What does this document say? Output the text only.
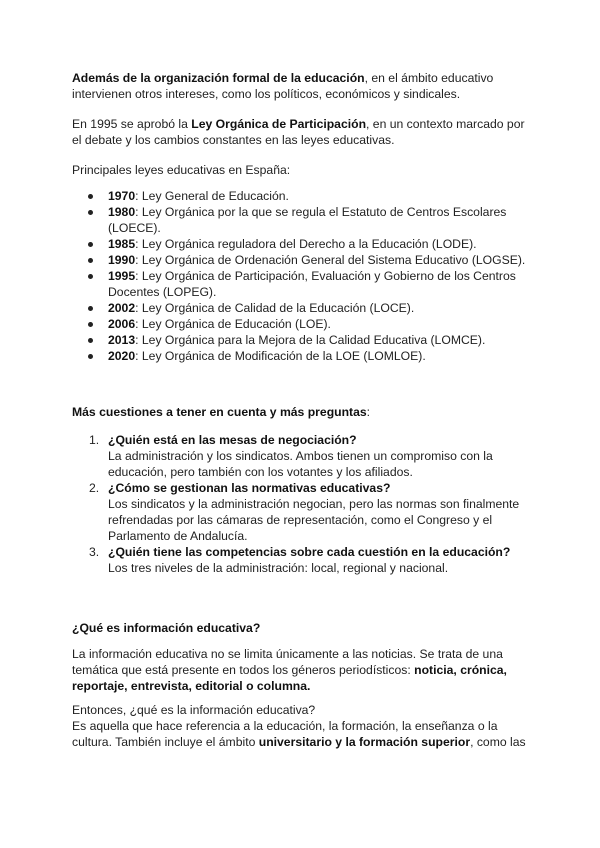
Además de la organización formal de la educación, en el ámbito educativo intervienen otros intereses, como los políticos, económicos y sindicales.

En 1995 se aprobó la Ley Orgánica de Participación, en un contexto marcado por el debate y los cambios constantes en las leyes educativas.

Principales leyes educativas en España:

1970: Ley General de Educación.
1980: Ley Orgánica por la que se regula el Estatuto de Centros Escolares (LOECE).
1985: Ley Orgánica reguladora del Derecho a la Educación (LODE).
1990: Ley Orgánica de Ordenación General del Sistema Educativo (LOGSE).
1995: Ley Orgánica de Participación, Evaluación y Gobierno de los Centros Docentes (LOPEG).
2002: Ley Orgánica de Calidad de la Educación (LOCE).
2006: Ley Orgánica de Educación (LOE).
2013: Ley Orgánica para la Mejora de la Calidad Educativa (LOMCE).
2020: Ley Orgánica de Modificación de la LOE (LOMLOE).

Más cuestiones a tener en cuenta y más preguntas:

1. ¿Quién está en las mesas de negociación?
La administración y los sindicatos. Ambos tienen un compromiso con la educación, pero también con los votantes y los afiliados.
2. ¿Cómo se gestionan las normativas educativas?
Los sindicatos y la administración negocian, pero las normas son finalmente refrendadas por las cámaras de representación, como el Congreso y el Parlamento de Andalucía.
3. ¿Quién tiene las competencias sobre cada cuestión en la educación?
Los tres niveles de la administración: local, regional y nacional.

¿Qué es información educativa?

La información educativa no se limita únicamente a las noticias. Se trata de una temática que está presente en todos los géneros periodísticos: noticia, crónica, reportaje, entrevista, editorial o columna.

Entonces, ¿qué es la información educativa?
Es aquella que hace referencia a la educación, la formación, la enseñanza o la cultura. También incluye el ámbito universitario y la formación superior, como las
